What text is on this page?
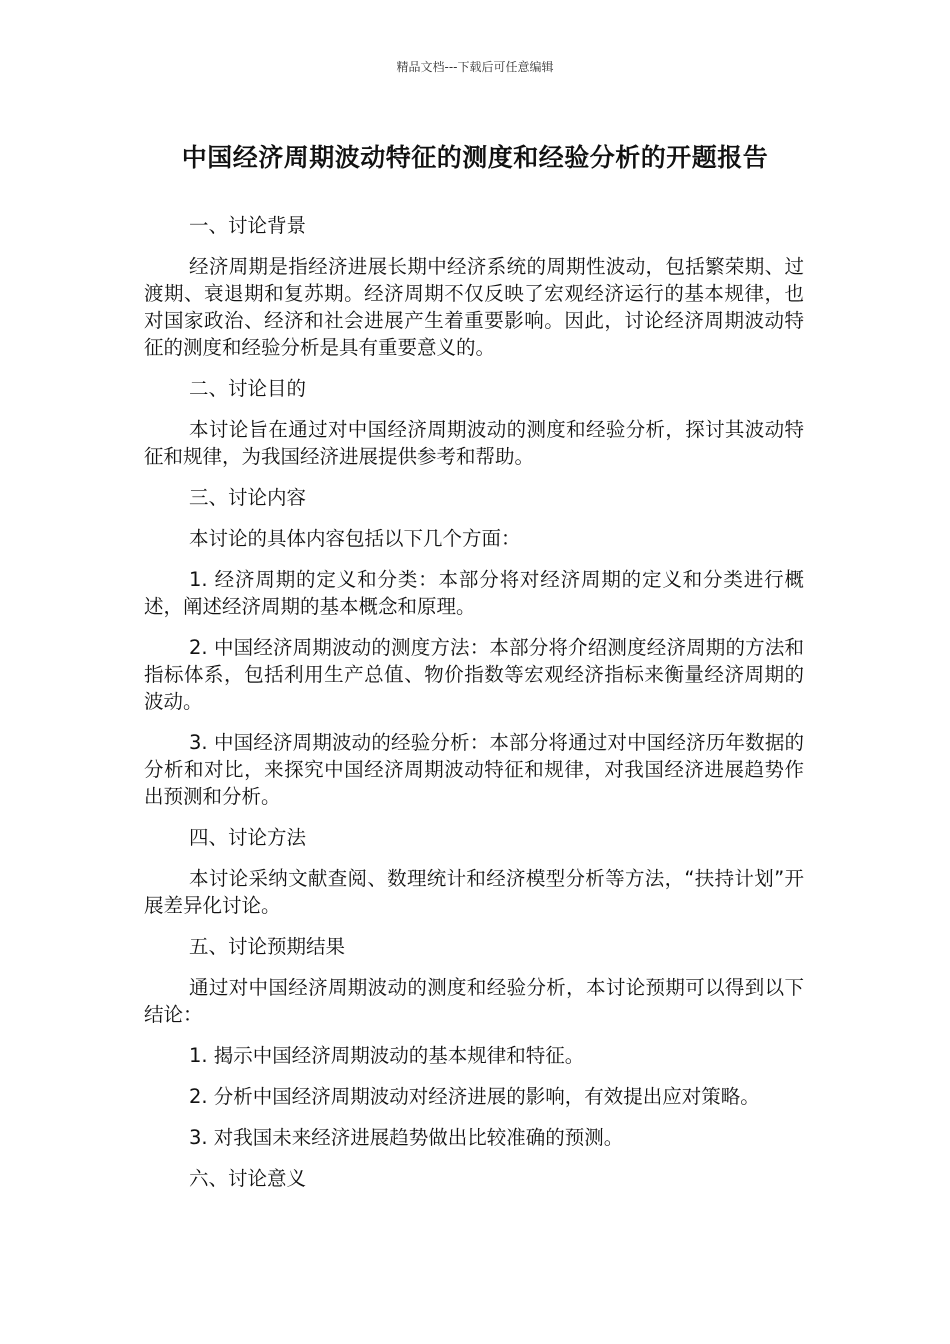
精品文档---下载后可任意编辑
中国经济周期波动特征的测度和经验分析的开题报告
一、讨论背景
经济周期是指经济进展长期中经济系统的周期性波动，包括繁荣期、过渡期、衰退期和复苏期。经济周期不仅反映了宏观经济运行的基本规律，也对国家政治、经济和社会进展产生着重要影响。因此，讨论经济周期波动特征的测度和经验分析是具有重要意义的。
二、讨论目的
本讨论旨在通过对中国经济周期波动的测度和经验分析，探讨其波动特征和规律，为我国经济进展提供参考和帮助。
三、讨论内容
本讨论的具体内容包括以下几个方面：
1. 经济周期的定义和分类：本部分将对经济周期的定义和分类进行概述，阐述经济周期的基本概念和原理。
2. 中国经济周期波动的测度方法：本部分将介绍测度经济周期的方法和指标体系，包括利用生产总值、物价指数等宏观经济指标来衡量经济周期的波动。
3. 中国经济周期波动的经验分析：本部分将通过对中国经济历年数据的分析和对比，来探究中国经济周期波动特征和规律，对我国经济进展趋势作出预测和分析。
四、讨论方法
本讨论采纳文献查阅、数理统计和经济模型分析等方法，“扶持计划”开展差异化讨论。
五、讨论预期结果
通过对中国经济周期波动的测度和经验分析，本讨论预期可以得到以下结论：
1. 揭示中国经济周期波动的基本规律和特征。
2. 分析中国经济周期波动对经济进展的影响，有效提出应对策略。
3. 对我国未来经济进展趋势做出比较准确的预测。
六、讨论意义
